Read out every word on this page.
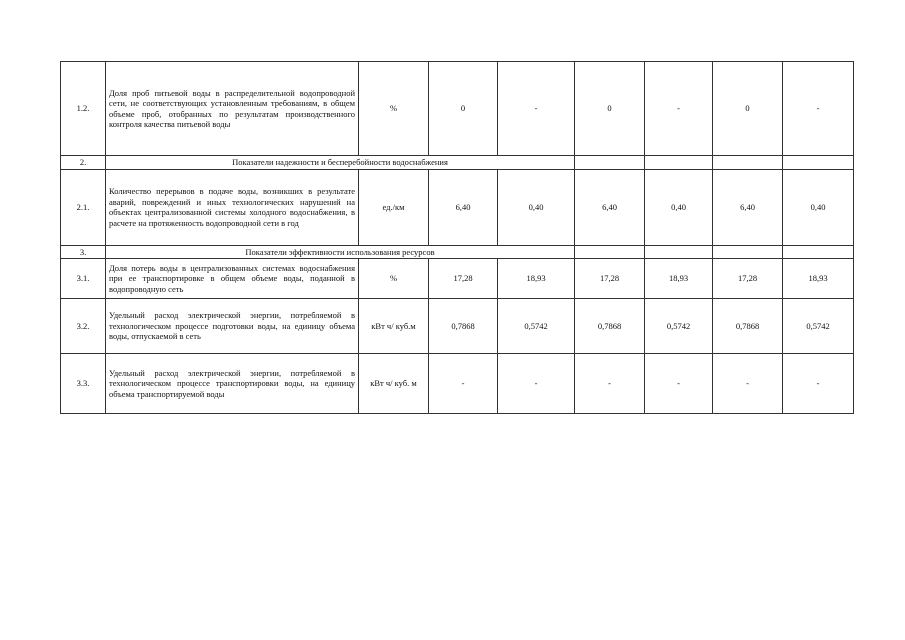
1.2.	Доля проб питьевой воды в распределительной водопроводной сети, не соответствующих установленным требованиям, в общем объеме проб, отобранных по результатам производственного контроля качества питьевой воды	%	0	-	0	-	0	-
2.	Показатели надежности и бесперебойности водоснабжения							
2.1.	Количество перерывов в подаче воды, возникших в результате аварий, повреждений и иных технологических нарушений на объектах централизованной системы холодного водоснабжения, в расчете на протяженность водопроводной сети в год	ед./км	6,40	0,40	6,40	0,40	6,40	0,40
3.	Показатели эффективности использования ресурсов							
3.1.	Доля потерь воды в централизованных системах водоснабжения при ее транспортировке в общем объеме воды, поданной в водопроводную сеть	%	17,28	18,93	17,28	18,93	17,28	18,93
3.2.	Удельный расход электрической энергии, потребляемой в технологическом процессе подготовки воды, на единицу объема воды, отпускаемой в сеть	кВт ч/ куб.м	0,7868	0,5742	0,7868	0,5742	0,7868	0,5742
3.3.	Удельный расход электрической энергии, потребляемой в технологическом процессе транспортировки воды, на единицу объема транспортируемой воды	кВт ч/ куб. м	-	-	-	-	-	-
